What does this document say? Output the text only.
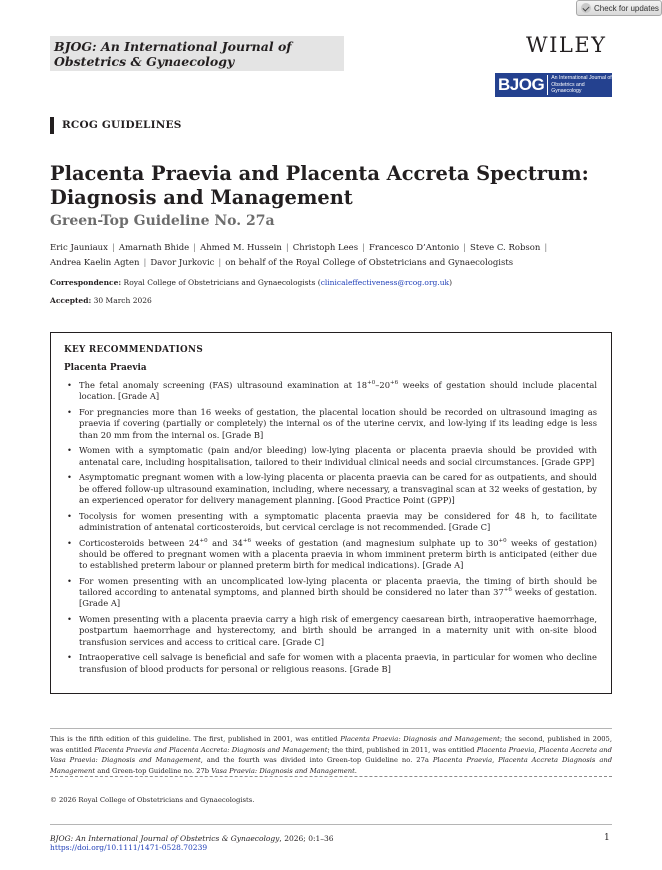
Check for updates
BJOG: An International Journal of Obstetrics & Gynaecology
WILEY
BJOG	An International Journal of
Obstetrics and Gynaecology
RCOG GUIDELINES
Placenta Praevia and Placenta Accreta Spectrum: Diagnosis and Management
Green-Top Guideline No. 27a
Eric Jauniaux | Amarnath Bhide | Ahmed M. Hussein | Christoph Lees | Francesco D’Antonio | Steve C. Robson |
Andrea Kaelin Agten | Davor Jurkovic | on behalf of the Royal College of Obstetricians and Gynaecologists
Correspondence: Royal College of Obstetricians and Gynaecologists (clinicaleffectiveness@rcog.org.uk)
Accepted: 30 March 2026
KEY RECOMMENDATIONS
Placenta Praevia
• The fetal anomaly screening (FAS) ultrasound examination at $18^{+0}-20^{+6}$ weeks of gestation should include placental location. [Grade A]
• For pregnancies more than 16 weeks of gestation, the placental location should be recorded on ultrasound imaging as praevia if covering (partially or completely) the internal os of the uterine cervix, and low-lying if its leading edge is less than 20 mm from the internal os. [Grade B]
• Women with a symptomatic (pain and/or bleeding) low-lying placenta or placenta praevia should be provided with antenatal care, including hospitalisation, tailored to their individual clinical needs and social circumstances. [Grade GPP]
• Asymptomatic pregnant women with a low-lying placenta or placenta praevia can be cared for as outpatients, and should be offered follow-up ultrasound examination, including, where necessary, a transvaginal scan at 32 weeks of gestation, by an experienced operator for delivery management planning. [Good Practice Point (GPP)]
• Tocolysis for women presenting with a symptomatic placenta praevia may be considered for 48 h, to facilitate administration of antenatal corticosteroids, but cervical cerclage is not recommended. [Grade C]
• Corticosteroids between $24^{+0}$ and $34^{+6}$ weeks of gestation (and magnesium sulphate up to $30^{+0}$ weeks of gestation) should be offered to pregnant women with a placenta praevia in whom imminent preterm birth is anticipated (either due to established preterm labour or planned preterm birth for medical indications). [Grade A]
• For women presenting with an uncomplicated low-lying placenta or placenta praevia, the timing of birth should be tailored according to antenatal symptoms, and planned birth should be considered no later than $37^{+6}$ weeks of gestation. [Grade A]
• Women presenting with a placenta praevia carry a high risk of emergency caesarean birth, intraoperative haemorrhage, postpartum haemorrhage and hysterectomy, and birth should be arranged in a maternity unit with on-site blood transfusion services and access to critical care. [Grade C]
• Intraoperative cell salvage is beneficial and safe for women with a placenta praevia, in particular for women who decline transfusion of blood products for personal or religious reasons. [Grade B]
This is the fifth edition of this guideline. The first, published in 2001, was entitled Placenta Praevia: Diagnosis and Management; the second, published in 2005, was entitled Placenta Praevia and Placenta Accreta: Diagnosis and Management; the third, published in 2011, was entitled Placenta Praevia, Placenta Accreta and Vasa Praevia: Diagnosis and Management, and the fourth was divided into Green-top Guideline no. 27a Placenta Praevia, Placenta Accreta Diagnosis and Management and Green-top Guideline no. 27b Vasa Praevia: Diagnosis and Management.
© 2026 Royal College of Obstetricians and Gynaecologists.
BJOG: An International Journal of Obstetrics & Gynaecology, 2026; 0:1–36
https://doi.org/10.1111/1471-0528.70239
1
